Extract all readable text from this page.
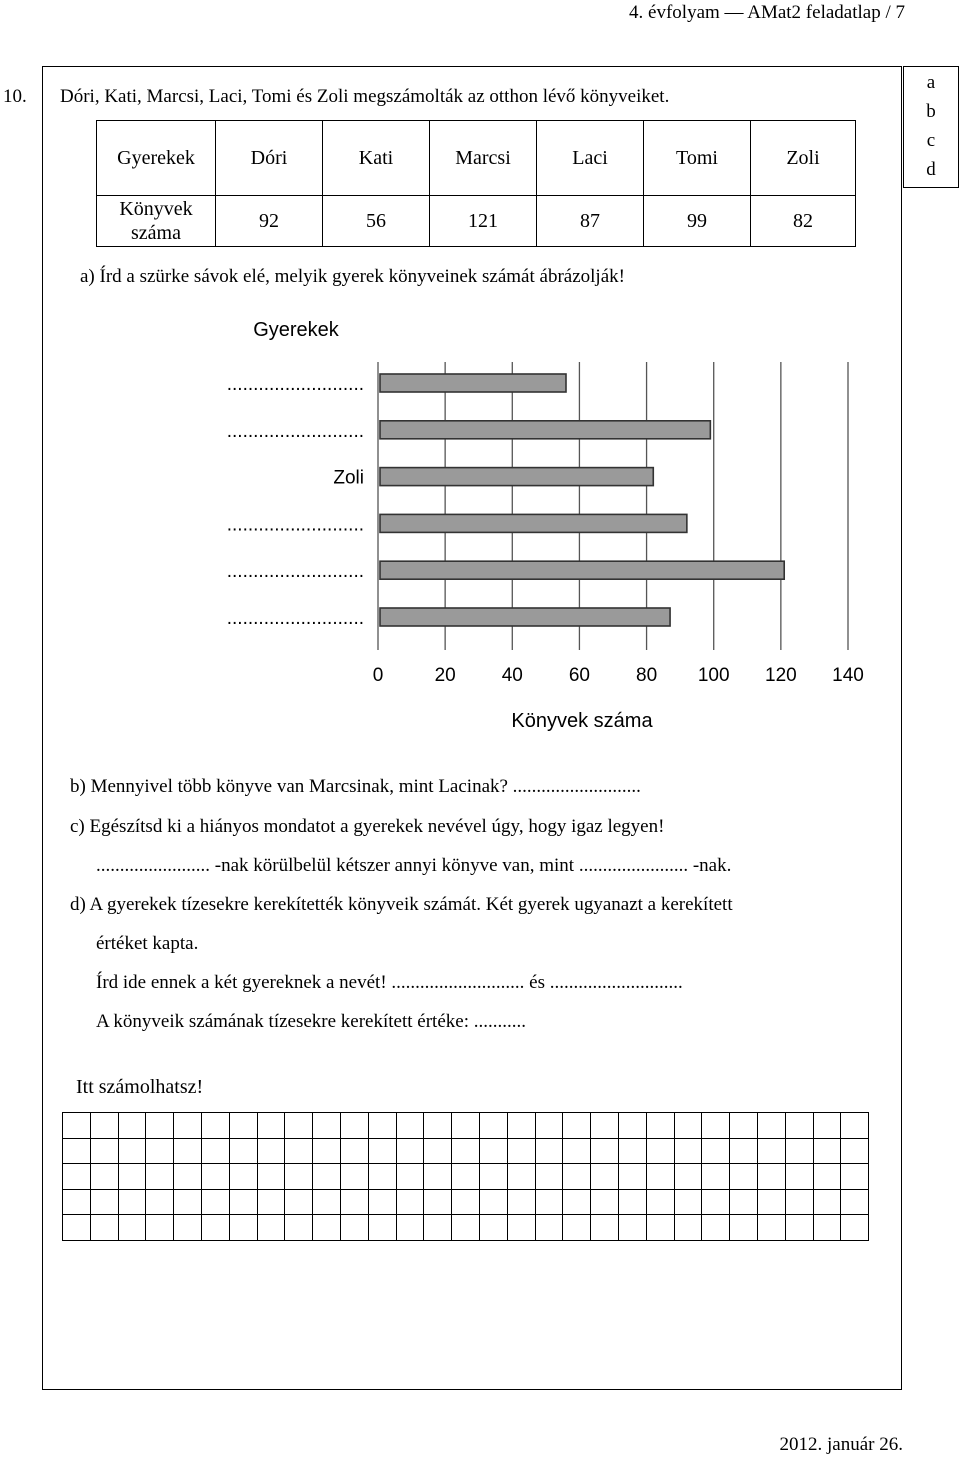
4. évfolyam — AMat2 feladatlap / 7
a
b
c
d
10. Dóri, Kati, Marcsi, Laci, Tomi és Zoli megszámolták az otthon lévő könyveiket.
Gyerekek	Dóri	Kati	Marcsi	Laci	Tomi	Zoli
Könyvek száma	92	56	121	87	99	82
a) Írd a szürke sávok elé, melyik gyerek könyveinek számát ábrázolják!
Gyerekek
0	20 40 60 80 100 120 140
..........................
..........................
Zoli
..........................
..........................
..........................
Könyvek száma
b) Mennyivel több könyve van Marcsinak, mint Lacinak? ...........................
c) Egészítsd ki a hiányos mondatot a gyerekek nevével úgy, hogy igaz legyen!
........................ -nak körülbelül kétszer annyi könyve van, mint ....................... -nak.
d) A gyerekek tízesekre kerekítették könyveik számát. Két gyerek ugyanazt a kerekített
értéket kapta.
Írd ide ennek a két gyereknek a nevét! ............................ és ............................
A könyveik számának tízesekre kerekített értéke: ...........
Itt számolhatsz!

2012. január 26.
